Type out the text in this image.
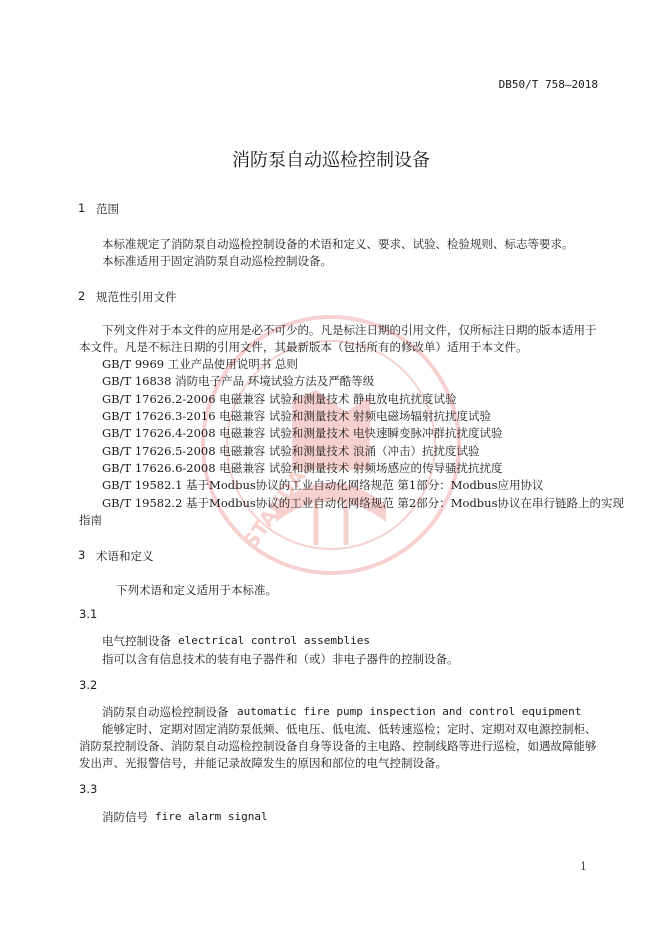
STANDARDS
DB50/T 758—2018
消防泵自动巡检控制设备
1 范围
本标准规定了消防泵自动巡检控制设备的术语和定义、要求、试验、检验规则、标志等要求。
本标准适用于固定消防泵自动巡检控制设备。
2 规范性引用文件
下列文件对于本文件的应用是必不可少的。凡是标注日期的引用文件，仅所标注日期的版本适用于
本文件。凡是不标注日期的引用文件，其最新版本（包括所有的修改单）适用于本文件。
GB/T 9969 工业产品使用说明书 总则
GB/T 16838 消防电子产品 环境试验方法及严酷等级
GB/T 17626.2-2006 电磁兼容 试验和测量技术 静电放电抗扰度试验
GB/T 17626.3-2016 电磁兼容 试验和测量技术 射频电磁场辐射抗扰度试验
GB/T 17626.4-2008 电磁兼容 试验和测量技术 电快速瞬变脉冲群抗扰度试验
GB/T 17626.5-2008 电磁兼容 试验和测量技术 浪涌（冲击）抗扰度试验
GB/T 17626.6-2008 电磁兼容 试验和测量技术 射频场感应的传导骚扰抗扰度
GB/T 19582.1 基于Modbus协议的工业自动化网络规范 第1部分：Modbus应用协议
GB/T 19582.2 基于Modbus协议的工业自动化网络规范 第2部分：Modbus协议在串行链路上的实现
指南
3 术语和定义
下列术语和定义适用于本标准。
3.1
电气控制设备 electrical control assemblies
指可以含有信息技术的装有电子器件和（或）非电子器件的控制设备。
3.2
消防泵自动巡检控制设备 automatic fire pump inspection and control equipment
能够定时、定期对固定消防泵低频、低电压、低电流、低转速巡检；定时、定期对双电源控制柜、
消防泵控制设备、消防泵自动巡检控制设备自身等设备的主电路、控制线路等进行巡检，如遇故障能够
发出声、光报警信号，并能记录故障发生的原因和部位的电气控制设备。
3.3
消防信号 fire alarm signal
1
